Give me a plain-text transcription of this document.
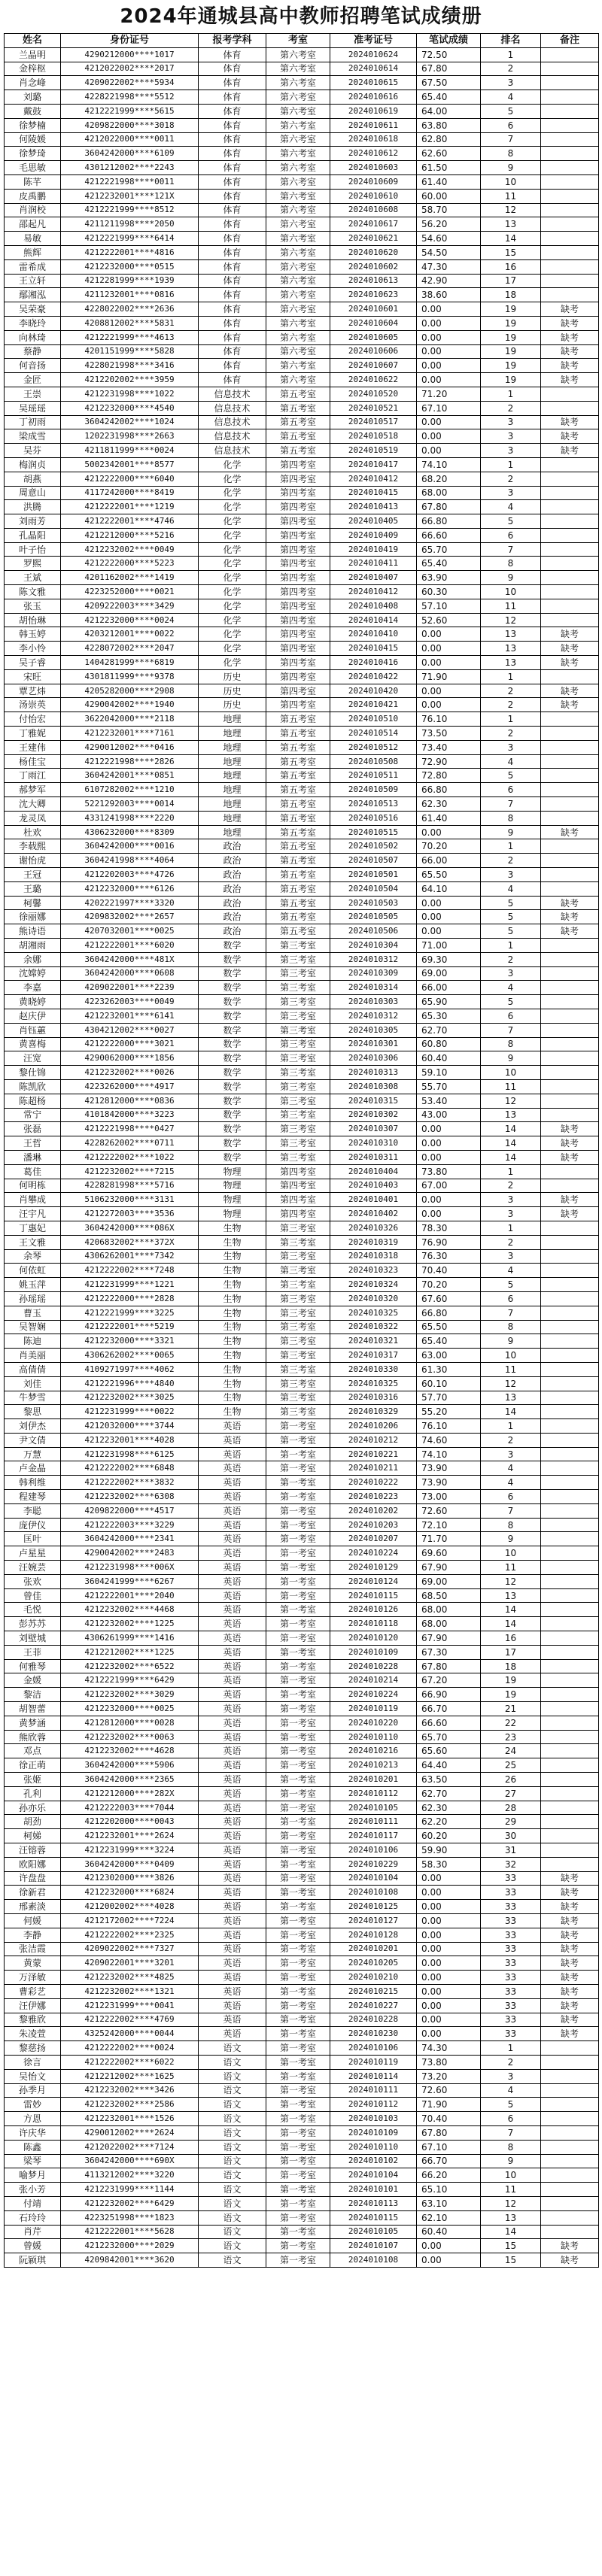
2024年通城县高中教师招聘笔试成绩册
姓名	身份证号	报考学科	考室	准考证号	笔试成绩	排名	备注
兰晶明	4290212000****1017	体育	第六考室	2024010624	72.50	1	
金梓枢	4212022002****2017	体育	第六考室	2024010614	67.80	2	
肖念峰	4209022002****5934	体育	第六考室	2024010615	67.50	3	
刘璐	4228221998****5512	体育	第六考室	2024010616	65.40	4	
戴鼓	4212221999****5615	体育	第六考室	2024010619	64.00	5	
徐梦楠	4209822000****3018	体育	第六考室	2024010611	63.80	6	
何陵媛	4212022000****0011	体育	第六考室	2024010618	62.80	7	
徐梦琦	3604242000****6109	体育	第六考室	2024010612	62.60	8	
毛思敏	4301212002****2243	体育	第六考室	2024010603	61.50	9	
陈芊	4212221998****0011	体育	第六考室	2024010609	61.40	10	
皮禹鹏	4212232001****121X	体育	第六考室	2024010610	60.00	11	
肖润校	4212221999****8512	体育	第六考室	2024010608	58.70	12	
邵起凡	4211211998****2050	体育	第六考室	2024010617	56.20	13	
易敏	4212221999****6414	体育	第六考室	2024010621	54.60	14	
熊辉	4212222001****4816	体育	第六考室	2024010620	54.50	15	
雷希成	4212232000****0515	体育	第六考室	2024010602	47.30	16	
王立轩	4212281999****1939	体育	第六考室	2024010613	42.90	17	
鄢湘泓	4211232001****0816	体育	第六考室	2024010623	38.60	18	
吴荣豪	4228022002****2636	体育	第六考室	2024010601	0.00	19	缺考
李晓玲	4208812002****5831	体育	第六考室	2024010604	0.00	19	缺考
向林琦	4212221999****4613	体育	第六考室	2024010605	0.00	19	缺考
蔡静	4201151999****5828	体育	第六考室	2024010606	0.00	19	缺考
何音扬	4228021998****3416	体育	第六考室	2024010607	0.00	19	缺考
金匠	4212202002****3959	体育	第六考室	2024010622	0.00	19	缺考
王崇	4212231998****1022	信息技术	第五考室	2024010520	71.20	1	
吴瑶瑶	4212232000****4540	信息技术	第五考室	2024010521	67.10	2	
丁初雨	3604242002****1024	信息技术	第五考室	2024010517	0.00	3	缺考
梁成雪	1202231998****2663	信息技术	第五考室	2024010518	0.00	3	缺考
吴芬	4211811999****0024	信息技术	第五考室	2024010519	0.00	3	缺考
梅润贞	5002342001****8577	化学	第四考室	2024010417	74.10	1	
胡燕	4212222000****6040	化学	第四考室	2024010412	68.20	2	
周意山	4117242000****8419	化学	第四考室	2024010415	68.00	3	
洪腾	4212222001****1219	化学	第四考室	2024010413	67.80	4	
刘雨芳	4212222001****4746	化学	第四考室	2024010405	66.80	5	
孔晶阳	4212212000****5216	化学	第四考室	2024010409	66.60	6	
叶子怡	4212232002****0049	化学	第四考室	2024010419	65.70	7	
罗熙	4212222000****5223	化学	第四考室	2024010411	65.40	8	
王斌	4201162002****1419	化学	第四考室	2024010407	63.90	9	
陈文雅	4223252000****0021	化学	第四考室	2024010412	60.30	10	
张玉	4209222003****3429	化学	第四考室	2024010408	57.10	11	
胡怡琳	4212232000****0024	化学	第四考室	2024010414	52.60	12	
韩玉婷	4203212001****0022	化学	第四考室	2024010410	0.00	13	缺考
李小怜	4228072002****2047	化学	第四考室	2024010415	0.00	13	缺考
吴子睿	1404281999****6819	化学	第四考室	2024010416	0.00	13	缺考
宋旺	4301811999****9378	历史	第四考室	2024010422	71.90	1	
覃艺炜	4205282000****2908	历史	第四考室	2024010420	0.00	2	缺考
汤崇英	4290042002****1940	历史	第四考室	2024010421	0.00	2	缺考
付怡宏	3622042000****2118	地理	第五考室	2024010510	76.10	1	
丁雅妮	4212232001****7161	地理	第五考室	2024010514	73.50	2	
王建伟	4290012002****0416	地理	第五考室	2024010512	73.40	3	
杨佳宝	4212221998****2826	地理	第五考室	2024010508	72.90	4	
丁雨江	3604242001****0851	地理	第五考室	2024010511	72.80	5	
郝梦军	6107282002****1210	地理	第五考室	2024010509	66.80	6	
沈大卿	5221292003****0014	地理	第五考室	2024010513	62.30	7	
龙灵凤	4331241998****2220	地理	第五考室	2024010516	61.40	8	
杜欢	4306232000****8309	地理	第五考室	2024010515	0.00	9	缺考
李载熙	3604242000****0016	政治	第五考室	2024010502	70.20	1	
谢怡虎	3604241998****4064	政治	第五考室	2024010507	66.00	2	
王冠	4212202003****4726	政治	第五考室	2024010501	65.50	3	
王璐	4212232000****6126	政治	第五考室	2024010504	64.10	4	
柯馨	4202221997****3320	政治	第五考室	2024010503	0.00	5	缺考
徐丽娜	4209832002****2657	政治	第五考室	2024010505	0.00	5	缺考
熊诗语	4207032001****0025	政治	第五考室	2024010506	0.00	5	缺考
胡湘雨	4212222001****6020	数学	第三考室	2024010304	71.00	1	
余娜	3604242000****481X	数学	第三考室	2024010312	69.30	2	
沈嫦婷	3604242000****0608	数学	第三考室	2024010309	69.00	3	
李嘉	4209022001****2239	数学	第三考室	2024010314	66.00	4	
黄晓婷	4223262003****0049	数学	第三考室	2024010303	65.90	5	
赵庆伊	4212232001****6141	数学	第三考室	2024010312	65.30	6	
肖钰蕙	4304212002****0027	数学	第三考室	2024010305	62.70	7	
黄喜梅	4212222000****3021	数学	第三考室	2024010301	60.80	8	
汪宽	4290062000****1856	数学	第三考室	2024010306	60.40	9	
黎仕锦	4212232002****0026	数学	第三考室	2024010313	59.10	10	
陈凯欣	4223262000****4917	数学	第三考室	2024010308	55.70	11	
陈超杨	4212812000****0836	数学	第三考室	2024010315	53.40	12	
常宁	4101842000****3223	数学	第三考室	2024010302	43.00	13	
张磊	4212221998****0427	数学	第三考室	2024010307	0.00	14	缺考
王哲	4228262002****0711	数学	第三考室	2024010310	0.00	14	缺考
潘琳	4212222002****1022	数学	第三考室	2024010311	0.00	14	缺考
葛佳	4212232002****7215	物理	第四考室	2024010404	73.80	1	
何明栋	4228281998****5716	物理	第四考室	2024010403	67.00	2	
肖攀成	5106232000****3131	物理	第四考室	2024010401	0.00	3	缺考
汪宇凡	4212272003****3536	物理	第四考室	2024010402	0.00	3	缺考
丁惠妃	3604242000****086X	生物	第三考室	2024010326	78.30	1	
王文雅	4206832002****372X	生物	第三考室	2024010319	76.90	2	
余琴	4306262001****7342	生物	第三考室	2024010318	76.30	3	
何依虹	4212222002****7248	生物	第三考室	2024010323	70.40	4	
姚玉萍	4212231999****1221	生物	第三考室	2024010324	70.20	5	
孙瑶瑶	4212222000****2828	生物	第三考室	2024010320	67.60	6	
曹玉	4212221999****3225	生物	第三考室	2024010325	66.80	7	
吴智娴	4212222001****5219	生物	第三考室	2024010322	65.50	8	
陈迪	4212232000****3321	生物	第三考室	2024010321	65.40	9	
肖美丽	4306262002****0065	生物	第三考室	2024010317	63.00	10	
高倩倩	4109271997****4062	生物	第三考室	2024010330	61.30	11	
刘佳	4212221996****4840	生物	第三考室	2024010325	60.10	12	
牛梦雪	4212232002****3025	生物	第三考室	2024010316	57.70	13	
黎思	4212231999****0022	生物	第三考室	2024010329	55.20	14	
刘伊杰	4212032000****3744	英语	第一考室	2024010206	76.10	1	
尹文倩	4212232001****4028	英语	第一考室	2024010212	74.60	2	
万慧	4212231998****6125	英语	第一考室	2024010221	74.10	3	
卢金晶	4212222002****6848	英语	第一考室	2024010211	73.90	4	
韩利维	4212222002****3832	英语	第一考室	2024010222	73.90	4	
程建琴	4212232002****6308	英语	第一考室	2024010223	73.00	6	
李聪	4209822000****4517	英语	第一考室	2024010202	72.60	7	
庞伊仪	4212222003****3229	英语	第一考室	2024010203	72.10	8	
匡叶	3604242000****2341	英语	第一考室	2024010207	71.70	9	
卢星星	4290042002****2483	英语	第一考室	2024010224	69.60	10	
汪婉芸	4212231998****006X	英语	第一考室	2024010129	67.90	11	
张欢	3604241999****6267	英语	第一考室	2024010124	69.00	12	
曾佳	4212222001****2040	英语	第一考室	2024010115	68.50	13	
毛悦	4212232002****4468	英语	第一考室	2024010126	68.00	14	
彭苏苏	4212232002****1225	英语	第一考室	2024010118	68.00	14	
刘壁城	4306261999****1416	英语	第一考室	2024010120	67.90	16	
王菲	4212212002****1225	英语	第一考室	2024010109	67.30	17	
何雅琴	4212232002****6522	英语	第一考室	2024010228	67.80	18	
金媛	4212221999****6429	英语	第一考室	2024010214	67.20	19	
黎洁	4212232002****3029	英语	第一考室	2024010224	66.90	19	
胡智蕾	4212232000****0025	英语	第一考室	2024010119	66.70	21	
黄梦涵	4212812000****0028	英语	第一考室	2024010220	66.60	22	
熊欣蓉	4212232002****0063	英语	第一考室	2024010110	65.70	23	
邓点	4212232002****4628	英语	第一考室	2024010216	65.60	24	
徐正萌	3604242000****5906	英语	第一考室	2024010213	64.40	25	
张姬	3604242000****2365	英语	第一考室	2024010201	63.50	26	
孔利	4212212000****282X	英语	第一考室	2024010112	62.70	27	
孙亦乐	4212222003****7044	英语	第一考室	2024010105	62.30	28	
胡劲	4212202000****0043	英语	第一考室	2024010111	62.20	29	
柯娣	4212232001****2624	英语	第一考室	2024010117	60.20	30	
汪镕蓉	4212231999****3224	英语	第一考室	2024010106	59.90	31	
欧阳娜	3604242000****0409	英语	第一考室	2024010229	58.30	32	
许盘盘	4212302000****3826	英语	第一考室	2024010104	0.00	33	缺考
徐新君	4212232000****6824	英语	第一考室	2024010108	0.00	33	缺考
邢素淡	4212002002****4028	英语	第一考室	2024010125	0.00	33	缺考
何媛	4212172002****7224	英语	第一考室	2024010127	0.00	33	缺考
李静	4212222002****2325	英语	第一考室	2024010128	0.00	33	缺考
张洁霞	4209022002****7327	英语	第一考室	2024010201	0.00	33	缺考
黄蒙	4209022001****3201	英语	第一考室	2024010205	0.00	33	缺考
万泽敏	4212232002****4825	英语	第一考室	2024010210	0.00	33	缺考
曹彩艺	4212232002****1321	英语	第一考室	2024010215	0.00	33	缺考
汪伊娜	4212231999****0041	英语	第一考室	2024010227	0.00	33	缺考
黎雅欣	4212222002****4769	英语	第一考室	2024010228	0.00	33	缺考
朱凌萱	4325242000****0044	英语	第一考室	2024010230	0.00	33	缺考
黎慈扬	4212222002****0024	语文	第一考室	2024010106	74.30	1	
徐言	4212222002****6022	语文	第一考室	2024010119	73.80	2	
吴怡文	4212212002****1625	语文	第一考室	2024010114	73.20	3	
孙季月	4212232002****3426	语文	第一考室	2024010111	72.60	4	
雷妙	4212232002****2586	语文	第一考室	2024010112	71.90	5	
方恩	4212232001****1526	语文	第一考室	2024010103	70.40	6	
许庆华	4290012002****2624	语文	第一考室	2024010109	67.80	7	
陈鑫	4212022002****7124	语文	第一考室	2024010110	67.10	8	
梁琴	3604242000****690X	语文	第一考室	2024010102	66.70	9	
喻梦月	4113212002****3220	语文	第一考室	2024010104	66.20	10	
张小芳	4212231999****1144	语文	第一考室	2024010101	65.10	11	
付靖	4212232002****6429	语文	第一考室	2024010113	63.10	12	
石玲玲	4223251998****1823	语文	第一考室	2024010115	62.10	13	
肖芹	4212222001****5628	语文	第一考室	2024010105	60.40	14	
曾媛	4212232000****2029	语文	第一考室	2024010107	0.00	15	缺考
阮颖琪	4209842001****3620	语文	第一考室	2024010108	0.00	15	缺考
